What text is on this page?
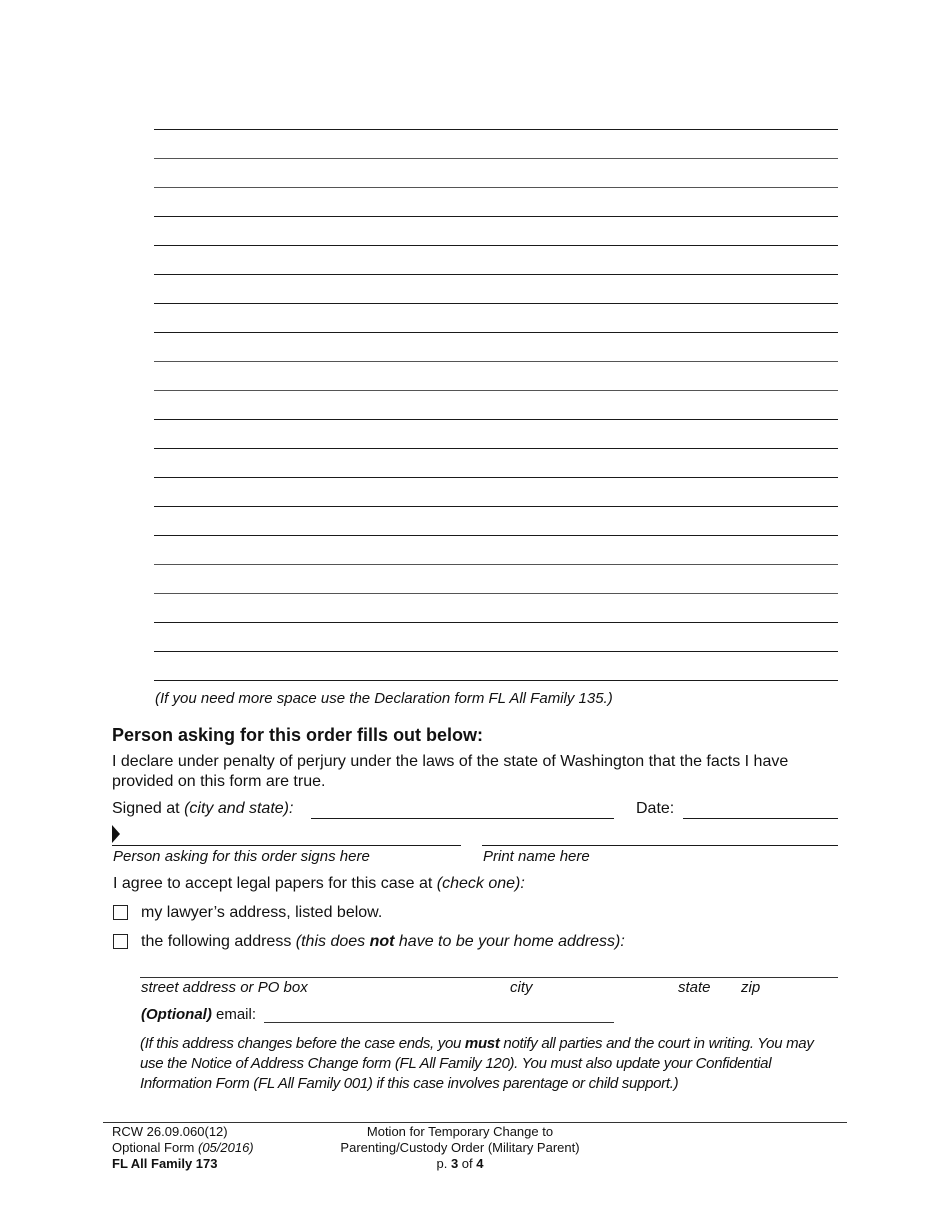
(If you need more space use the Declaration form FL All Family 135.)
Person asking for this order fills out below:
I declare under penalty of perjury under the laws of the state of Washington that the facts I have provided on this form are true.
Signed at (city and state):	Date:
Person asking for this order signs here	Print name here
I agree to accept legal papers for this case at (check one):
my lawyer’s address, listed below.
the following address (this does not have to be your home address):
street address or PO box	city	state zip
(Optional) email:
(If this address changes before the case ends, you must notify all parties and the court in writing. You may use the Notice of Address Change form (FL All Family 120). You must also update your Confidential Information Form (FL All Family 001) if this case involves parentage or child support.)
RCW 26.09.060(12)
Optional Form (05/2016)
FL All Family 173
Motion for Temporary Change to
Parenting/Custody Order (Military Parent)
p. 3 of 4
